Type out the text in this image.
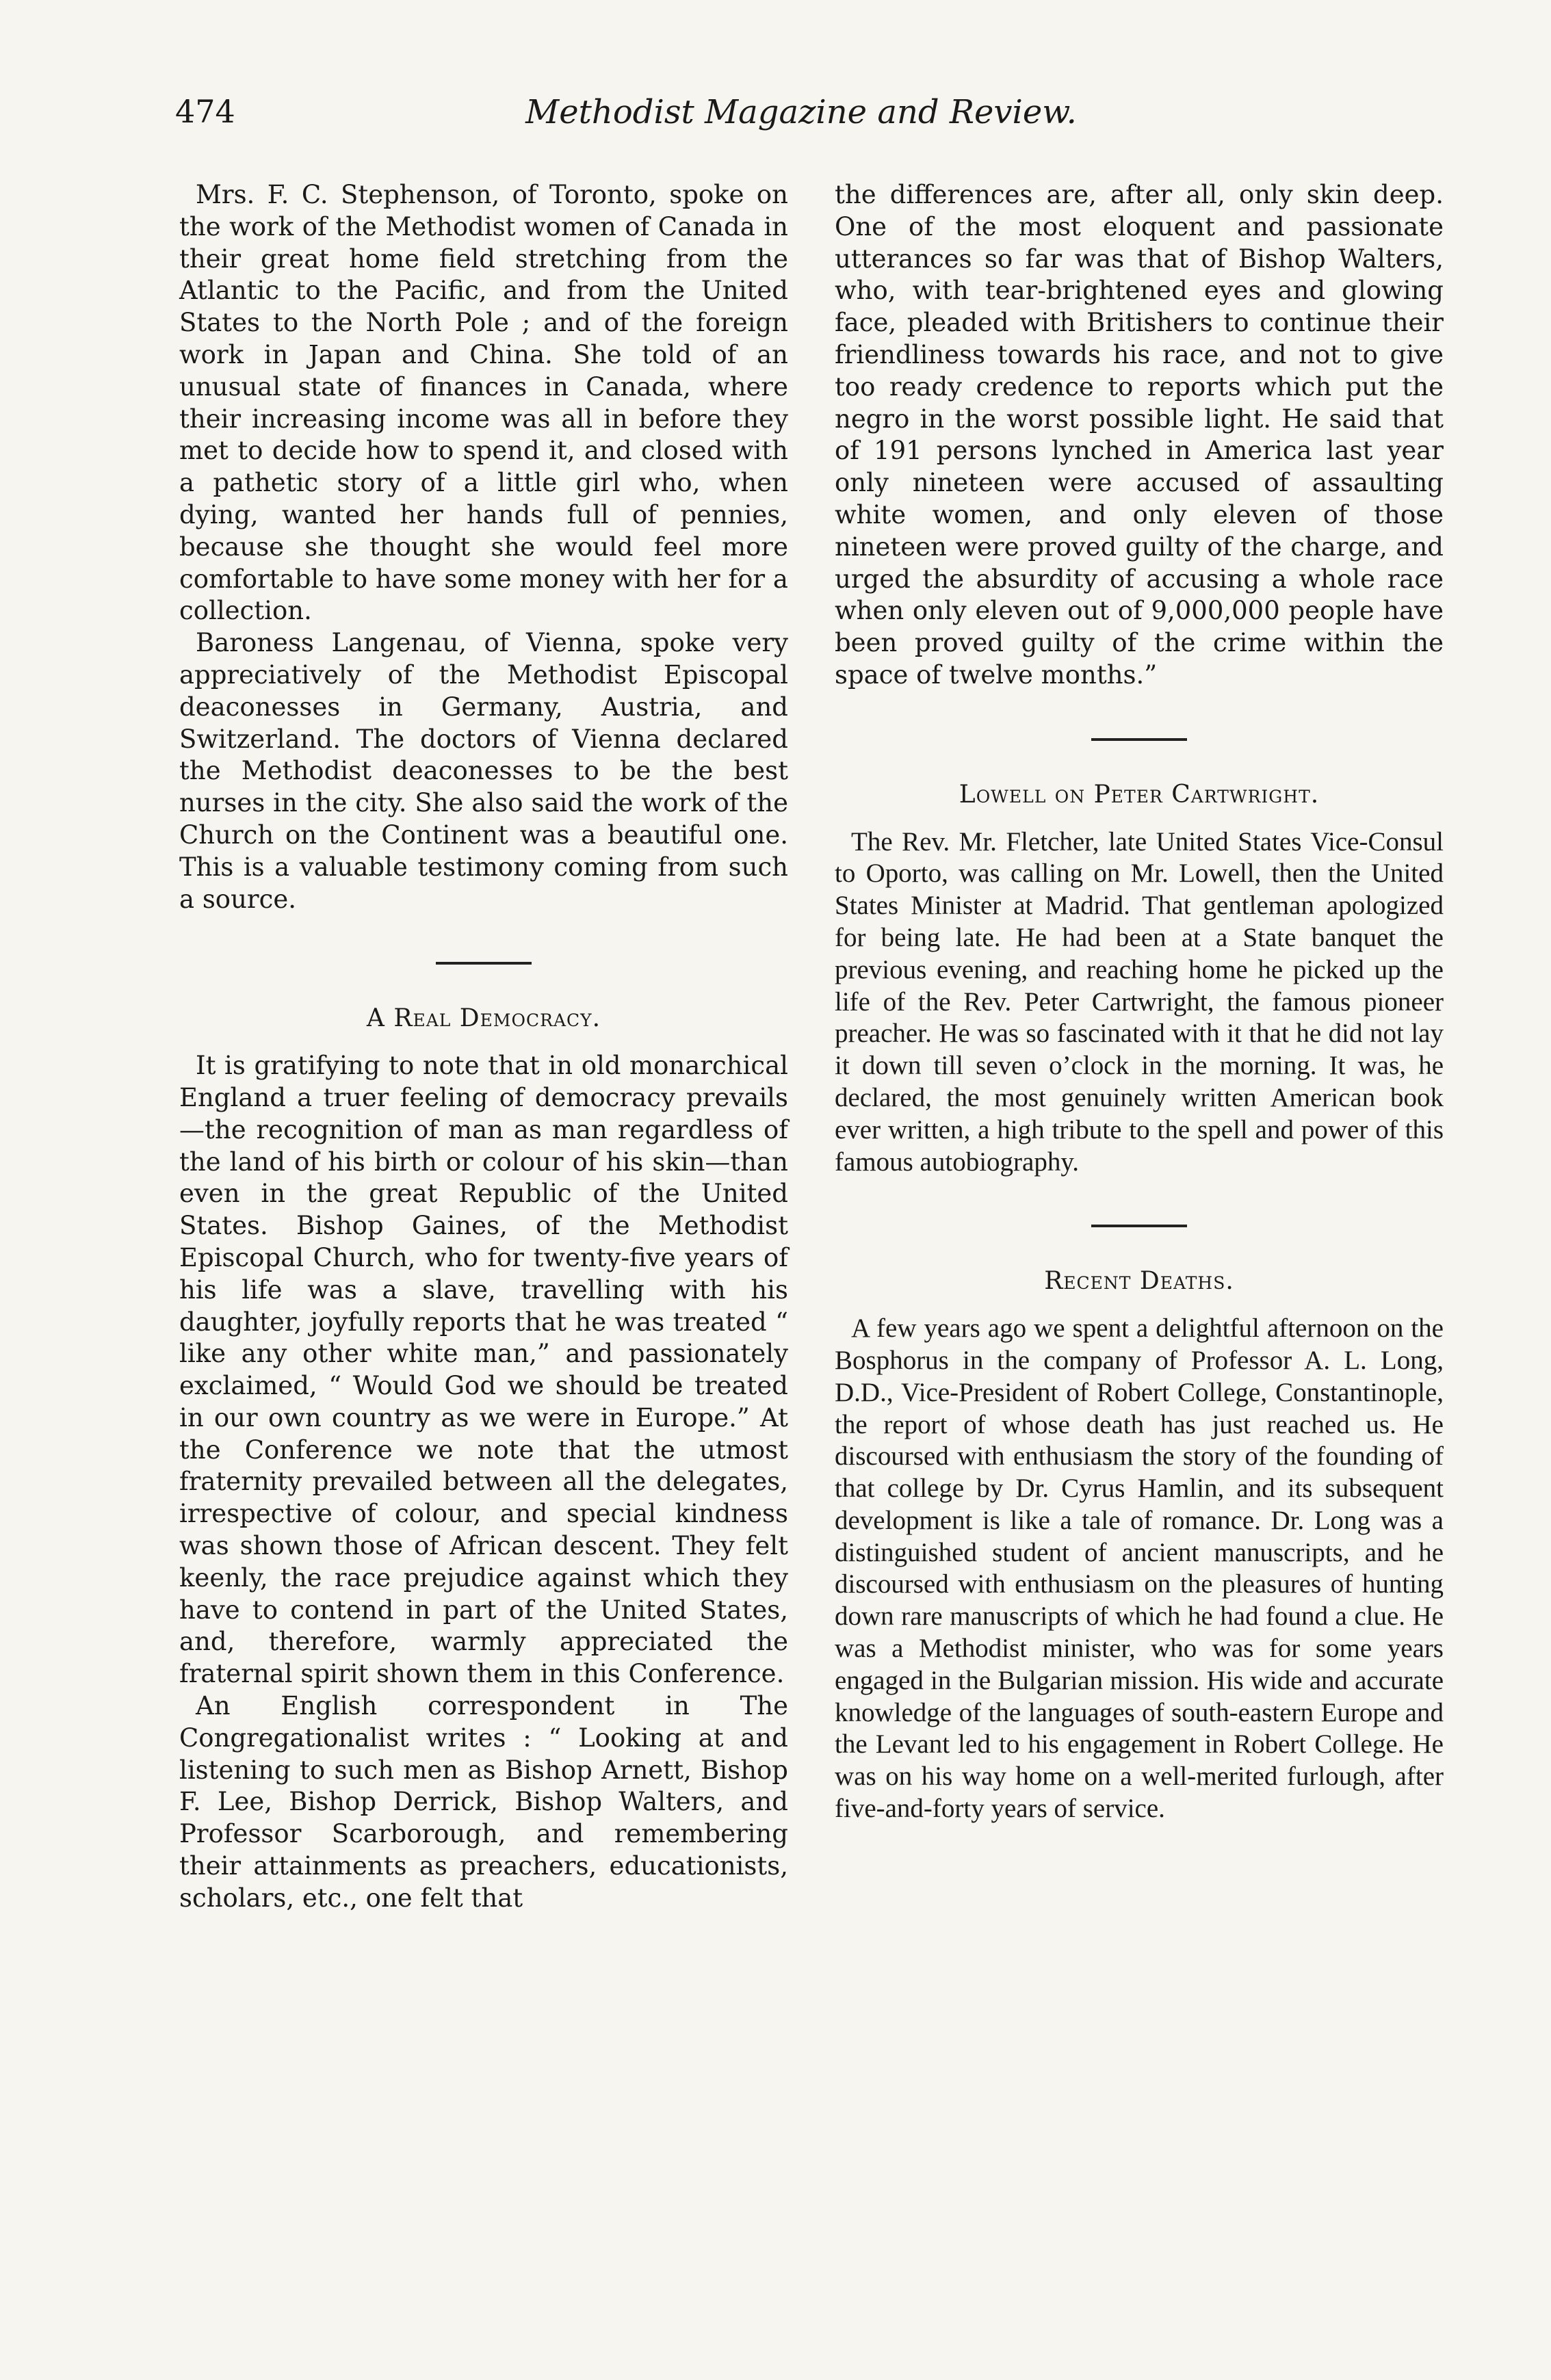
474	Methodist Magazine and Review.

Mrs. F. C. Stephenson, of Toronto, spoke on the work of the Methodist women of Canada in their great home field stretching from the Atlantic to the Pacific, and from the United States to the North Pole ; and of the foreign work in Japan and China. She told of an unusual state of finances in Canada, where their increasing income was all in before they met to decide how to spend it, and closed with a pathetic story of a little girl who, when dying, wanted her hands full of pennies, because she thought she would feel more comfortable to have some money with her for a collection.

Baroness Langenau, of Vienna, spoke very appreciatively of the Methodist Episcopal deaconesses in Germany, Austria, and Switzerland. The doctors of Vienna declared the Methodist deaconesses to be the best nurses in the city. She also said the work of the Church on the Continent was a beautiful one. This is a valuable testimony coming from such a source.

A Real Democracy.

It is gratifying to note that in old monarchical England a truer feeling of democracy prevails—the recognition of man as man regardless of the land of his birth or colour of his skin—than even in the great Republic of the United States. Bishop Gaines, of the Methodist Episcopal Church, who for twenty-five years of his life was a slave, travelling with his daughter, joyfully reports that he was treated “ like any other white man,” and passionately exclaimed, “ Would God we should be treated in our own country as we were in Europe.” At the Conference we note that the utmost fraternity prevailed between all the delegates, irrespective of colour, and special kindness was shown those of African descent. They felt keenly, the race prejudice against which they have to contend in part of the United States, and, therefore, warmly appreciated the fraternal spirit shown them in this Conference.

An English correspondent in The Congregationalist writes : “ Looking at and listening to such men as Bishop Arnett, Bishop F. Lee, Bishop Derrick, Bishop Walters, and Professor Scarborough, and remembering their attainments as preachers, educationists, scholars, etc., one felt that

the differences are, after all, only skin deep. One of the most eloquent and passionate utterances so far was that of Bishop Walters, who, with tear-brightened eyes and glowing face, pleaded with Britishers to continue their friendliness towards his race, and not to give too ready credence to reports which put the negro in the worst possible light. He said that of 191 persons lynched in America last year only nineteen were accused of assaulting white women, and only eleven of those nineteen were proved guilty of the charge, and urged the absurdity of accusing a whole race when only eleven out of 9,000,000 people have been proved guilty of the crime within the space of twelve months.”

Lowell on Peter Cartwright.

The Rev. Mr. Fletcher, late United States Vice-Consul to Oporto, was calling on Mr. Lowell, then the United States Minister at Madrid. That gentleman apologized for being late. He had been at a State banquet the previous evening, and reaching home he picked up the life of the Rev. Peter Cartwright, the famous pioneer preacher. He was so fascinated with it that he did not lay it down till seven o’clock in the morning. It was, he declared, the most genuinely written American book ever written, a high tribute to the spell and power of this famous autobiography.

Recent Deaths.

A few years ago we spent a delightful afternoon on the Bosphorus in the company of Professor A. L. Long, D.D., Vice-President of Robert College, Constantinople, the report of whose death has just reached us. He discoursed with enthusiasm the story of the founding of that college by Dr. Cyrus Hamlin, and its subsequent development is like a tale of romance. Dr. Long was a distinguished student of ancient manuscripts, and he discoursed with enthusiasm on the pleasures of hunting down rare manuscripts of which he had found a clue. He was a Methodist minister, who was for some years engaged in the Bulgarian mission. His wide and accurate knowledge of the languages of south-eastern Europe and the Levant led to his engagement in Robert College. He was on his way home on a well-merited furlough, after five-and-forty years of service.
